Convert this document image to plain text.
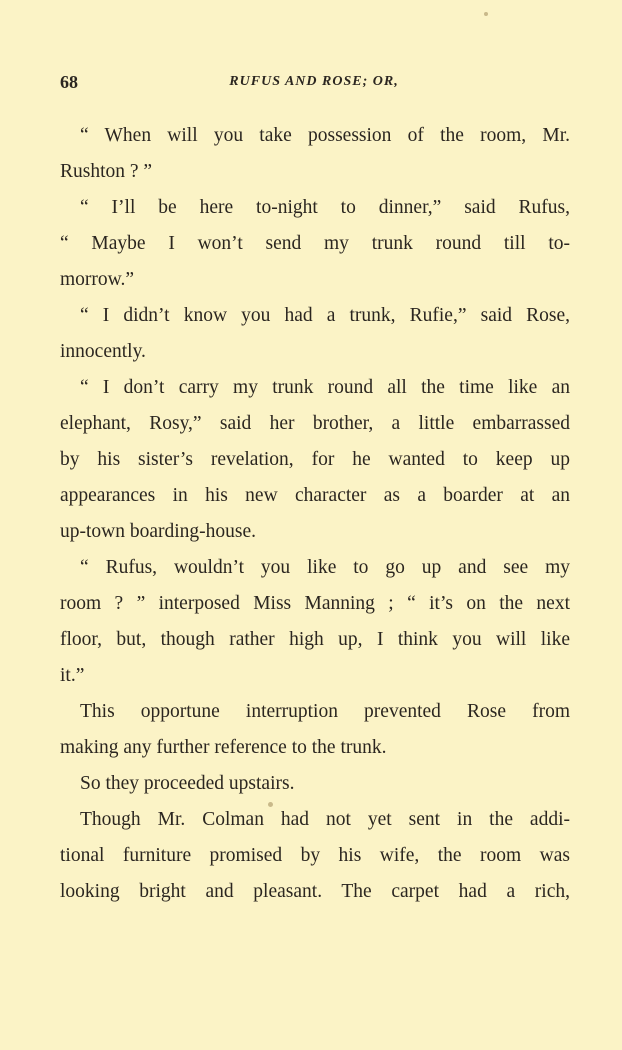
68	RUFUS AND ROSE; OR,
“ When will you take possession of the room, Mr.
Rushton ? ”
“ I’ll be here to-night to dinner,” said Rufus,
“ Maybe I won’t send my trunk round till to-
morrow.”
“ I didn’t know you had a trunk, Rufie,” said Rose,
innocently.
“ I don’t carry my trunk round all the time like an
elephant, Rosy,” said her brother, a little embarrassed
by his sister’s revelation, for he wanted to keep up
appearances in his new character as a boarder at an
up-town boarding-house.
“ Rufus, wouldn’t you like to go up and see my
room ? ” interposed Miss Manning ; “ it’s on the next
floor, but, though rather high up, I think you will like
it.”
This opportune interruption prevented Rose from
making any further reference to the trunk.
So they proceeded upstairs.
Though Mr. Colman had not yet sent in the addi-
tional furniture promised by his wife, the room was
looking bright and pleasant. The carpet had a rich,
